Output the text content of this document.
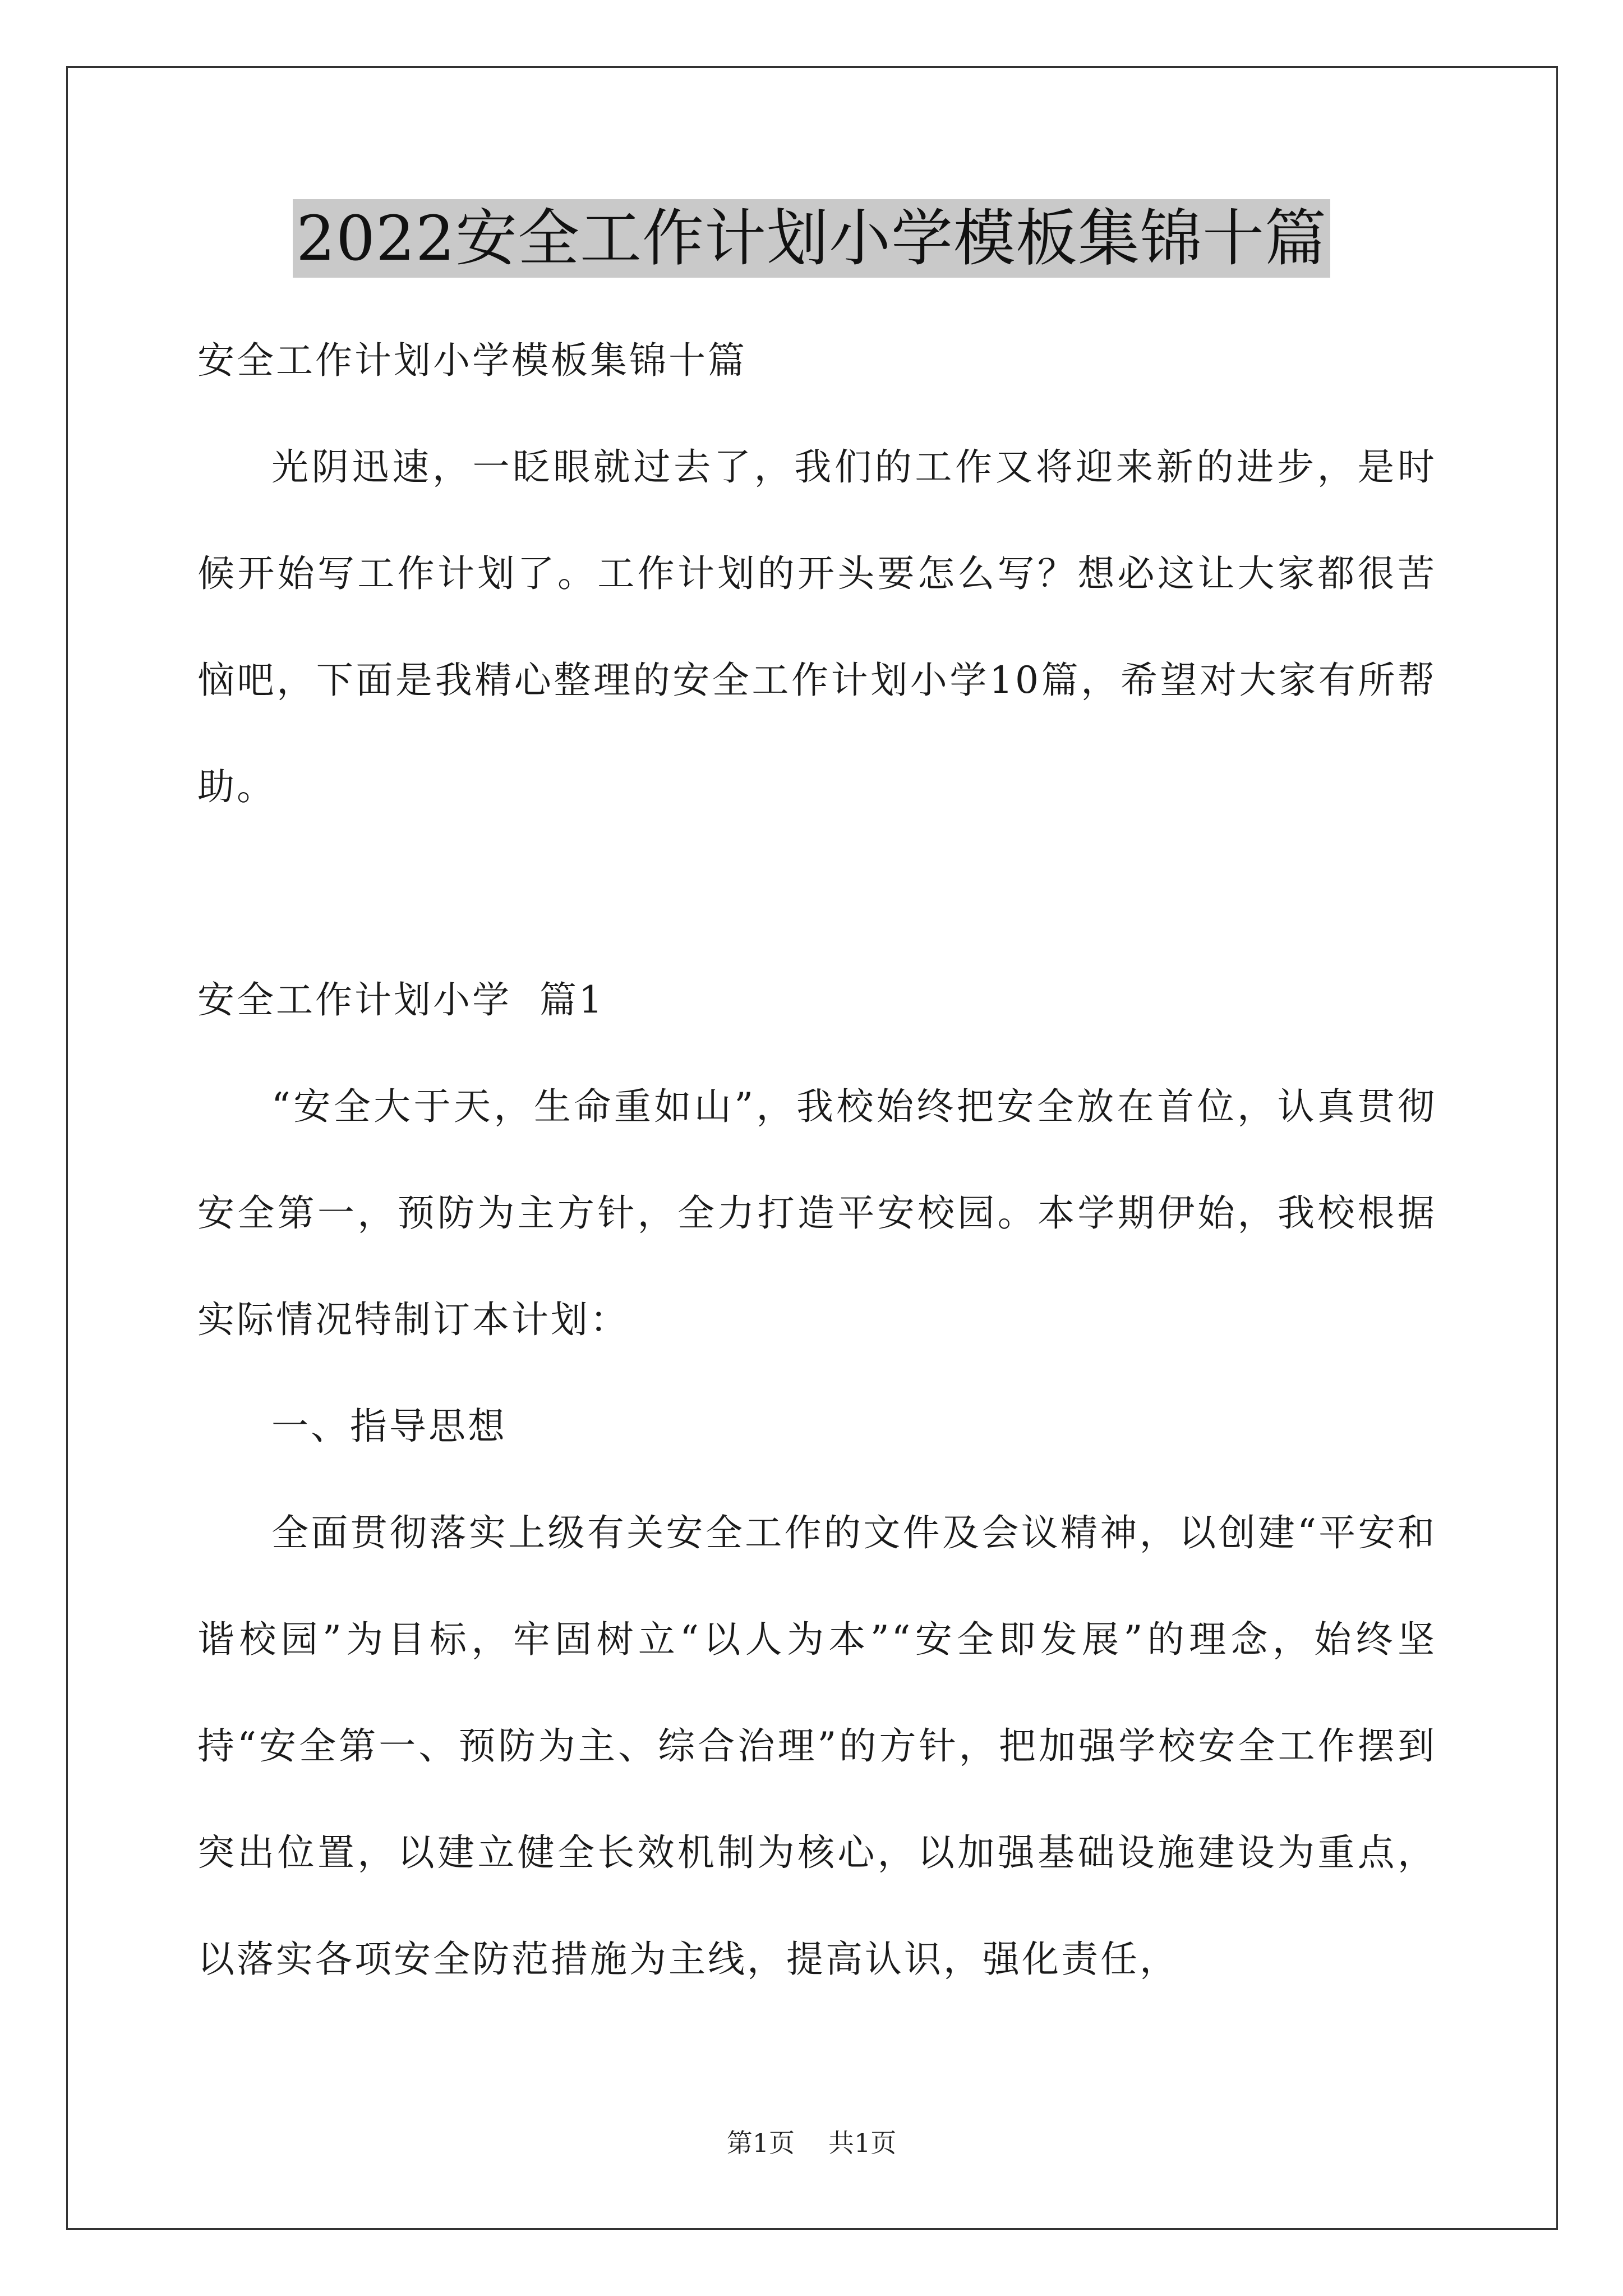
2022安全工作计划小学模板集锦十篇

安全工作计划小学模板集锦十篇

光阴迅速，一眨眼就过去了，我们的工作又将迎来新的进步，是时候开始写工作计划了。工作计划的开头要怎么写？想必这让大家都很苦恼吧，下面是我精心整理的安全工作计划小学10篇，希望对大家有所帮助。

安全工作计划小学  篇1

“安全大于天，生命重如山”，我校始终把安全放在首位，认真贯彻安全第一，预防为主方针，全力打造平安校园。本学期伊始，我校根据实际情况特制订本计划：

一、指导思想

全面贯彻落实上级有关安全工作的文件及会议精神，以创建“平安和谐校园”为目标，牢固树立“以人为本”“安全即发展”的理念，始终坚持“安全第一、预防为主、综合治理”的方针，把加强学校安全工作摆到突出位置，以建立健全长效机制为核心，以加强基础设施建设为重点，以落实各项安全防范措施为主线，提高认识，强化责任，

第1页 共1页
